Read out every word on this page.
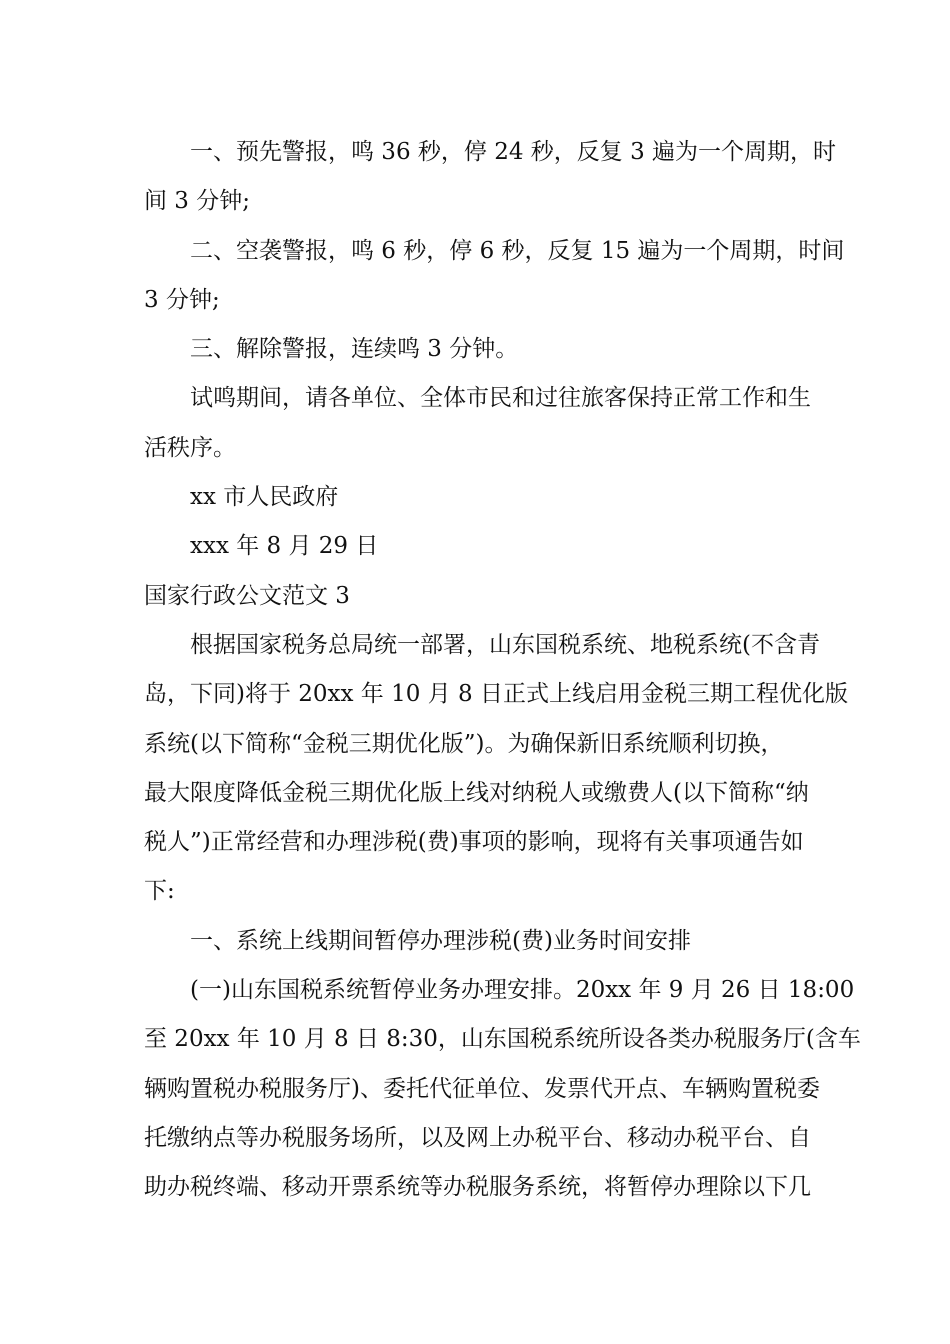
一、预先警报，鸣 36 秒，停 24 秒，反复 3 遍为一个周期，时

间 3 分钟;

二、空袭警报，鸣 6 秒，停 6 秒，反复 15 遍为一个周期，时间

3 分钟;

三、解除警报，连续鸣 3 分钟。

试鸣期间，请各单位、全体市民和过往旅客保持正常工作和生

活秩序。

xx 市人民政府

xxx 年 8 月 29 日

国家行政公文范文 3

根据国家税务总局统一部署，山东国税系统、地税系统(不含青

岛，下同)将于 20xx 年 10 月 8 日正式上线启用金税三期工程优化版

系统(以下简称“金税三期优化版”)。为确保新旧系统顺利切换，

最大限度降低金税三期优化版上线对纳税人或缴费人(以下简称“纳

税人”)正常经营和办理涉税(费)事项的影响，现将有关事项通告如

下:

一、系统上线期间暂停办理涉税(费)业务时间安排

(一)山东国税系统暂停业务办理安排。20xx 年 9 月 26 日 18:00

至 20xx 年 10 月 8 日 8:30，山东国税系统所设各类办税服务厅(含车

辆购置税办税服务厅)、委托代征单位、发票代开点、车辆购置税委

托缴纳点等办税服务场所，以及网上办税平台、移动办税平台、自

助办税终端、移动开票系统等办税服务系统，将暂停办理除以下几
